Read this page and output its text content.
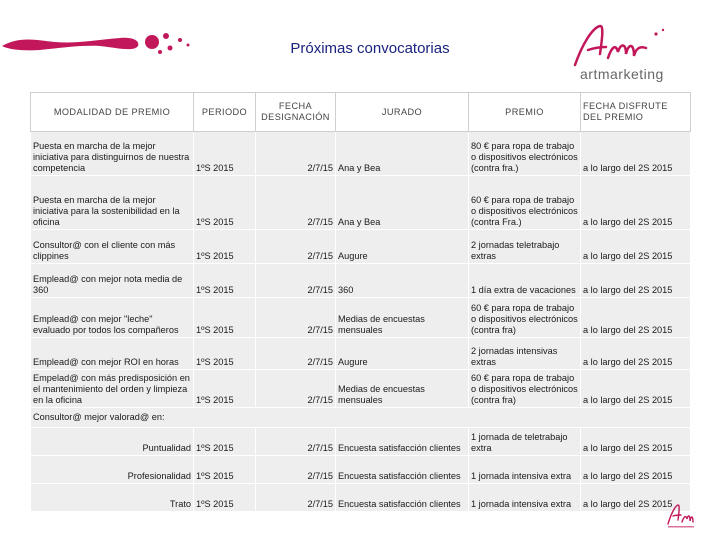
Próximas convocatorias
artmarketing
MODALIDAD DE PREMIO	PERIODO	FECHA DESIGNACIÓN	JURADO	PREMIO	FECHA DISFRUTE DEL PREMIO
Puesta en marcha de la mejor iniciativa para distinguirnos de nuestra competencia	1ºS 2015	2/7/15	Ana y Bea	80 € para ropa de trabajo o dispositivos electrónicos (contra fra.)	a lo largo del 2S 2015
Puesta en marcha de la mejor iniciativa para la sostenibilidad en la oficina	1ºS 2015	2/7/15	Ana y Bea	60 € para ropa de trabajo o dispositivos electrónicos (contra Fra.)	a lo largo del 2S 2015
Consultor@ con el cliente con más clippines	1ºS 2015	2/7/15	Augure	2 jornadas teletrabajo extras	a lo largo del 2S 2015
Emplead@ con mejor nota media de 360	1ºS 2015	2/7/15	360	1 día extra de vacaciones	a lo largo del 2S 2015
Emplead@ con mejor "leche" evaluado por todos los compañeros	1ºS 2015	2/7/15	Medias de encuestas mensuales	60 € para ropa de trabajo o dispositivos electrónicos (contra fra)	a lo largo del 2S 2015
Emplead@ con mejor ROI en horas	1ºS 2015	2/7/15	Augure	2 jornadas intensivas extras	a lo largo del 2S 2015
Empelad@ con más predisposición en el mantenimiento del orden y limpieza en la oficina	1ºS 2015	2/7/15	Medias de encuestas mensuales	60 € para ropa de trabajo o dispositivos electrónicos (contra fra)	a lo largo del 2S 2015
Consultor@ mejor valorad@ en:					
Puntualidad	1ºS 2015	2/7/15	Encuesta satisfacción clientes	1 jornada de teletrabajo extra	a lo largo del 2S 2015
Profesionalidad	1ºS 2015	2/7/15	Encuesta satisfacción clientes	1 jornada intensiva extra	a lo largo del 2S 2015
Trato	1ºS 2015	2/7/15	Encuesta satisfacción clientes	1 jornada intensiva extra	a lo largo del 2S 2015
